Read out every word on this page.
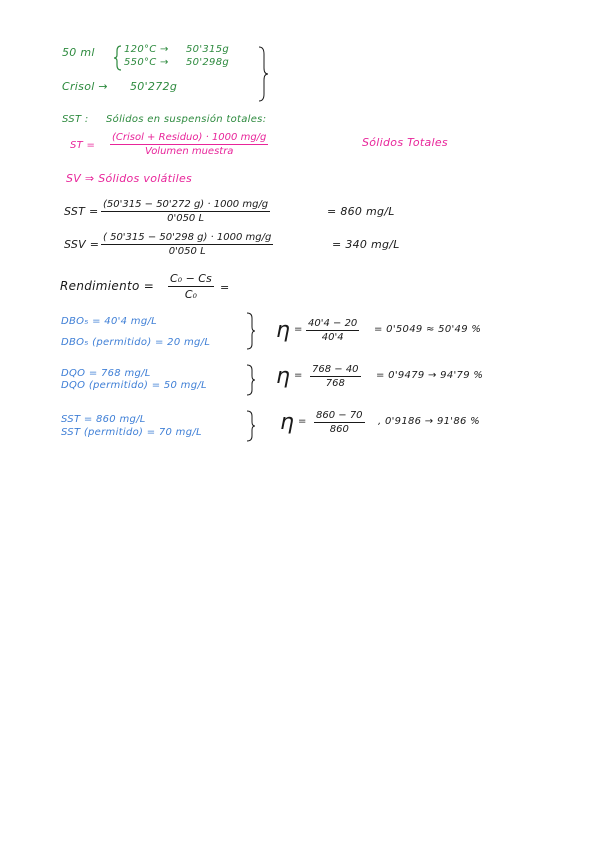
50 ml	120°C → 50'315g
550°C → 50'298g
Crisol → 50'272g
SST : Sólidos en suspensión totales:
ST =
(Crisol + Residuo) · 1000 mg/g
Volumen muestra
Sólidos Totales
SV ⇒ Sólidos volátiles
SST = $\frac{(50'315 - 50'272 g) \cdot 1000 mg/g}{0'050 L}$	= 860 mg/L
SSV = $\frac{( 50'315 - 50'298 g) \cdot 1000 mg/g}{0'050 L}$	= 340 mg/L
Rendimiento = $\frac{\text{C₀ − Cs}}{\text{C₀}}$ =
DBO₅ = 40'4 mg/L
DBO₅ (permitido) = 20 mg/L	$\eta = \frac{40'4 - 20}{40'4} = 0'5049 \approx 50'49$ %
DQO = 768 mg/L
DQO (permitido) = 50 mg/L	$\eta = \frac{768 - 40}{768} = 0'9479 \to 94'79$ %
SST = 860 mg/L
SST (permitido) = 70 mg/L	$\eta = \frac{860 - 70}{860}$ , 0'9186 → 91'86 %
